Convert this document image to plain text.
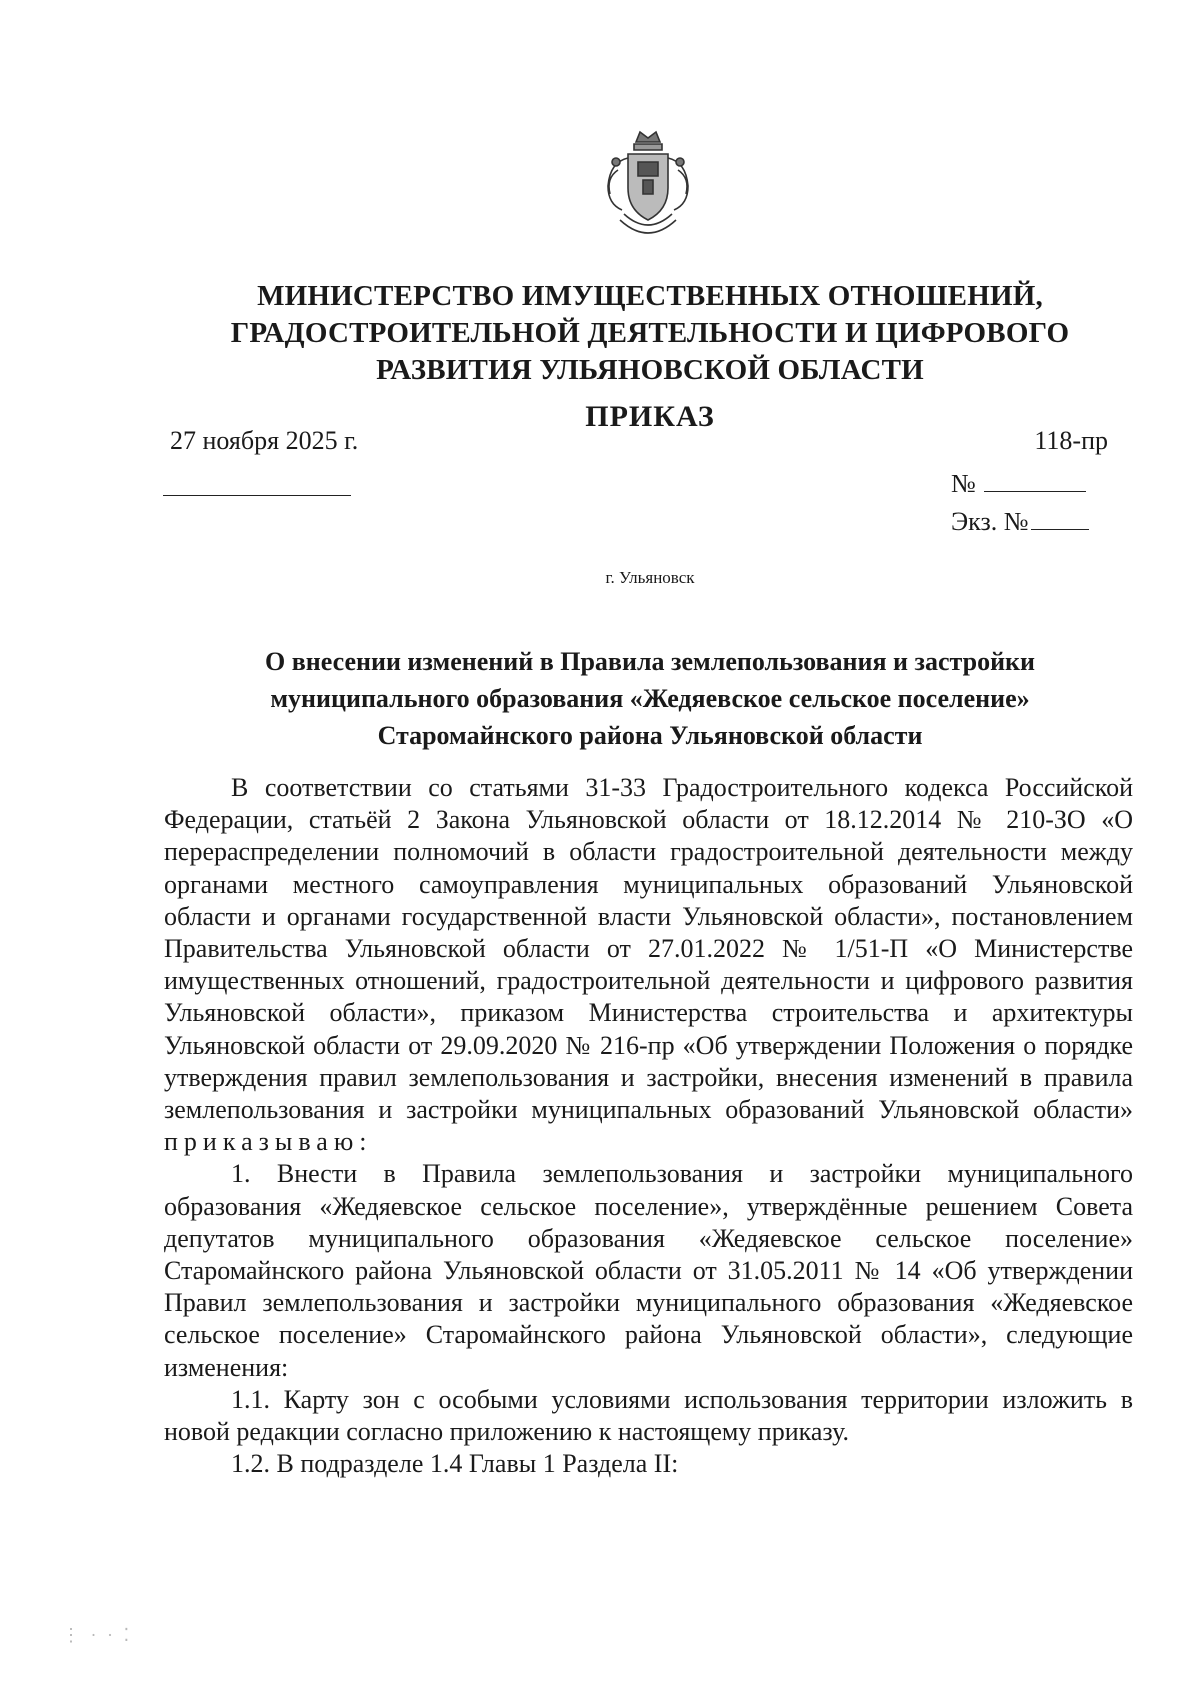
МИНИСТЕРСТВО ИМУЩЕСТВЕННЫХ ОТНОШЕНИЙ,
ГРАДОСТРОИТЕЛЬНОЙ ДЕЯТЕЛЬНОСТИ И ЦИФРОВОГО
РАЗВИТИЯ УЛЬЯНОВСКОЙ ОБЛАСТИ
ПРИКАЗ
27 ноября 2025 г.	118-пр
№
Экз. №
г. Ульяновск
О внесении изменений в Правила землепользования и застройки
муниципального образования «Жедяевское сельское поселение»
Старомайнского района Ульяновской области

В соответствии со статьями 31-33 Градостроительного кодекса Российской Федерации, статьёй 2 Закона Ульяновской области от 18.12.2014 № 210-ЗО «О перераспределении полномочий в области градостроительной деятельности между органами местного самоуправления муниципальных образований Ульяновской области и органами государственной власти Ульяновской области», постановлением Правительства Ульяновской области от 27.01.2022 № 1/51-П «О Министерстве имущественных отношений, градостроительной деятельности и цифрового развития Ульяновской области», приказом Министерства строительства и архитектуры Ульяновской области от 29.09.2020 № 216-пр «Об утверждении Положения о порядке утверждения правил землепользования и застройки, внесения изменений в правила землепользования и застройки муниципальных образований Ульяновской области» приказываю:

1. Внести в Правила землепользования и застройки муниципального образования «Жедяевское сельское поселение», утверждённые решением Совета депутатов муниципального образования «Жедяевское сельское поселение» Старомайнского района Ульяновской области от 31.05.2011 № 14 «Об утверждении Правил землепользования и застройки муниципального образования «Жедяевское сельское поселение» Старомайнского района Ульяновской области», следующие изменения:

1.1. Карту зон с особыми условиями использования территории изложить в новой редакции согласно приложению к настоящему приказу.

1.2. В подразделе 1.4 Главы 1 Раздела II:

⋮ · · ⁚
